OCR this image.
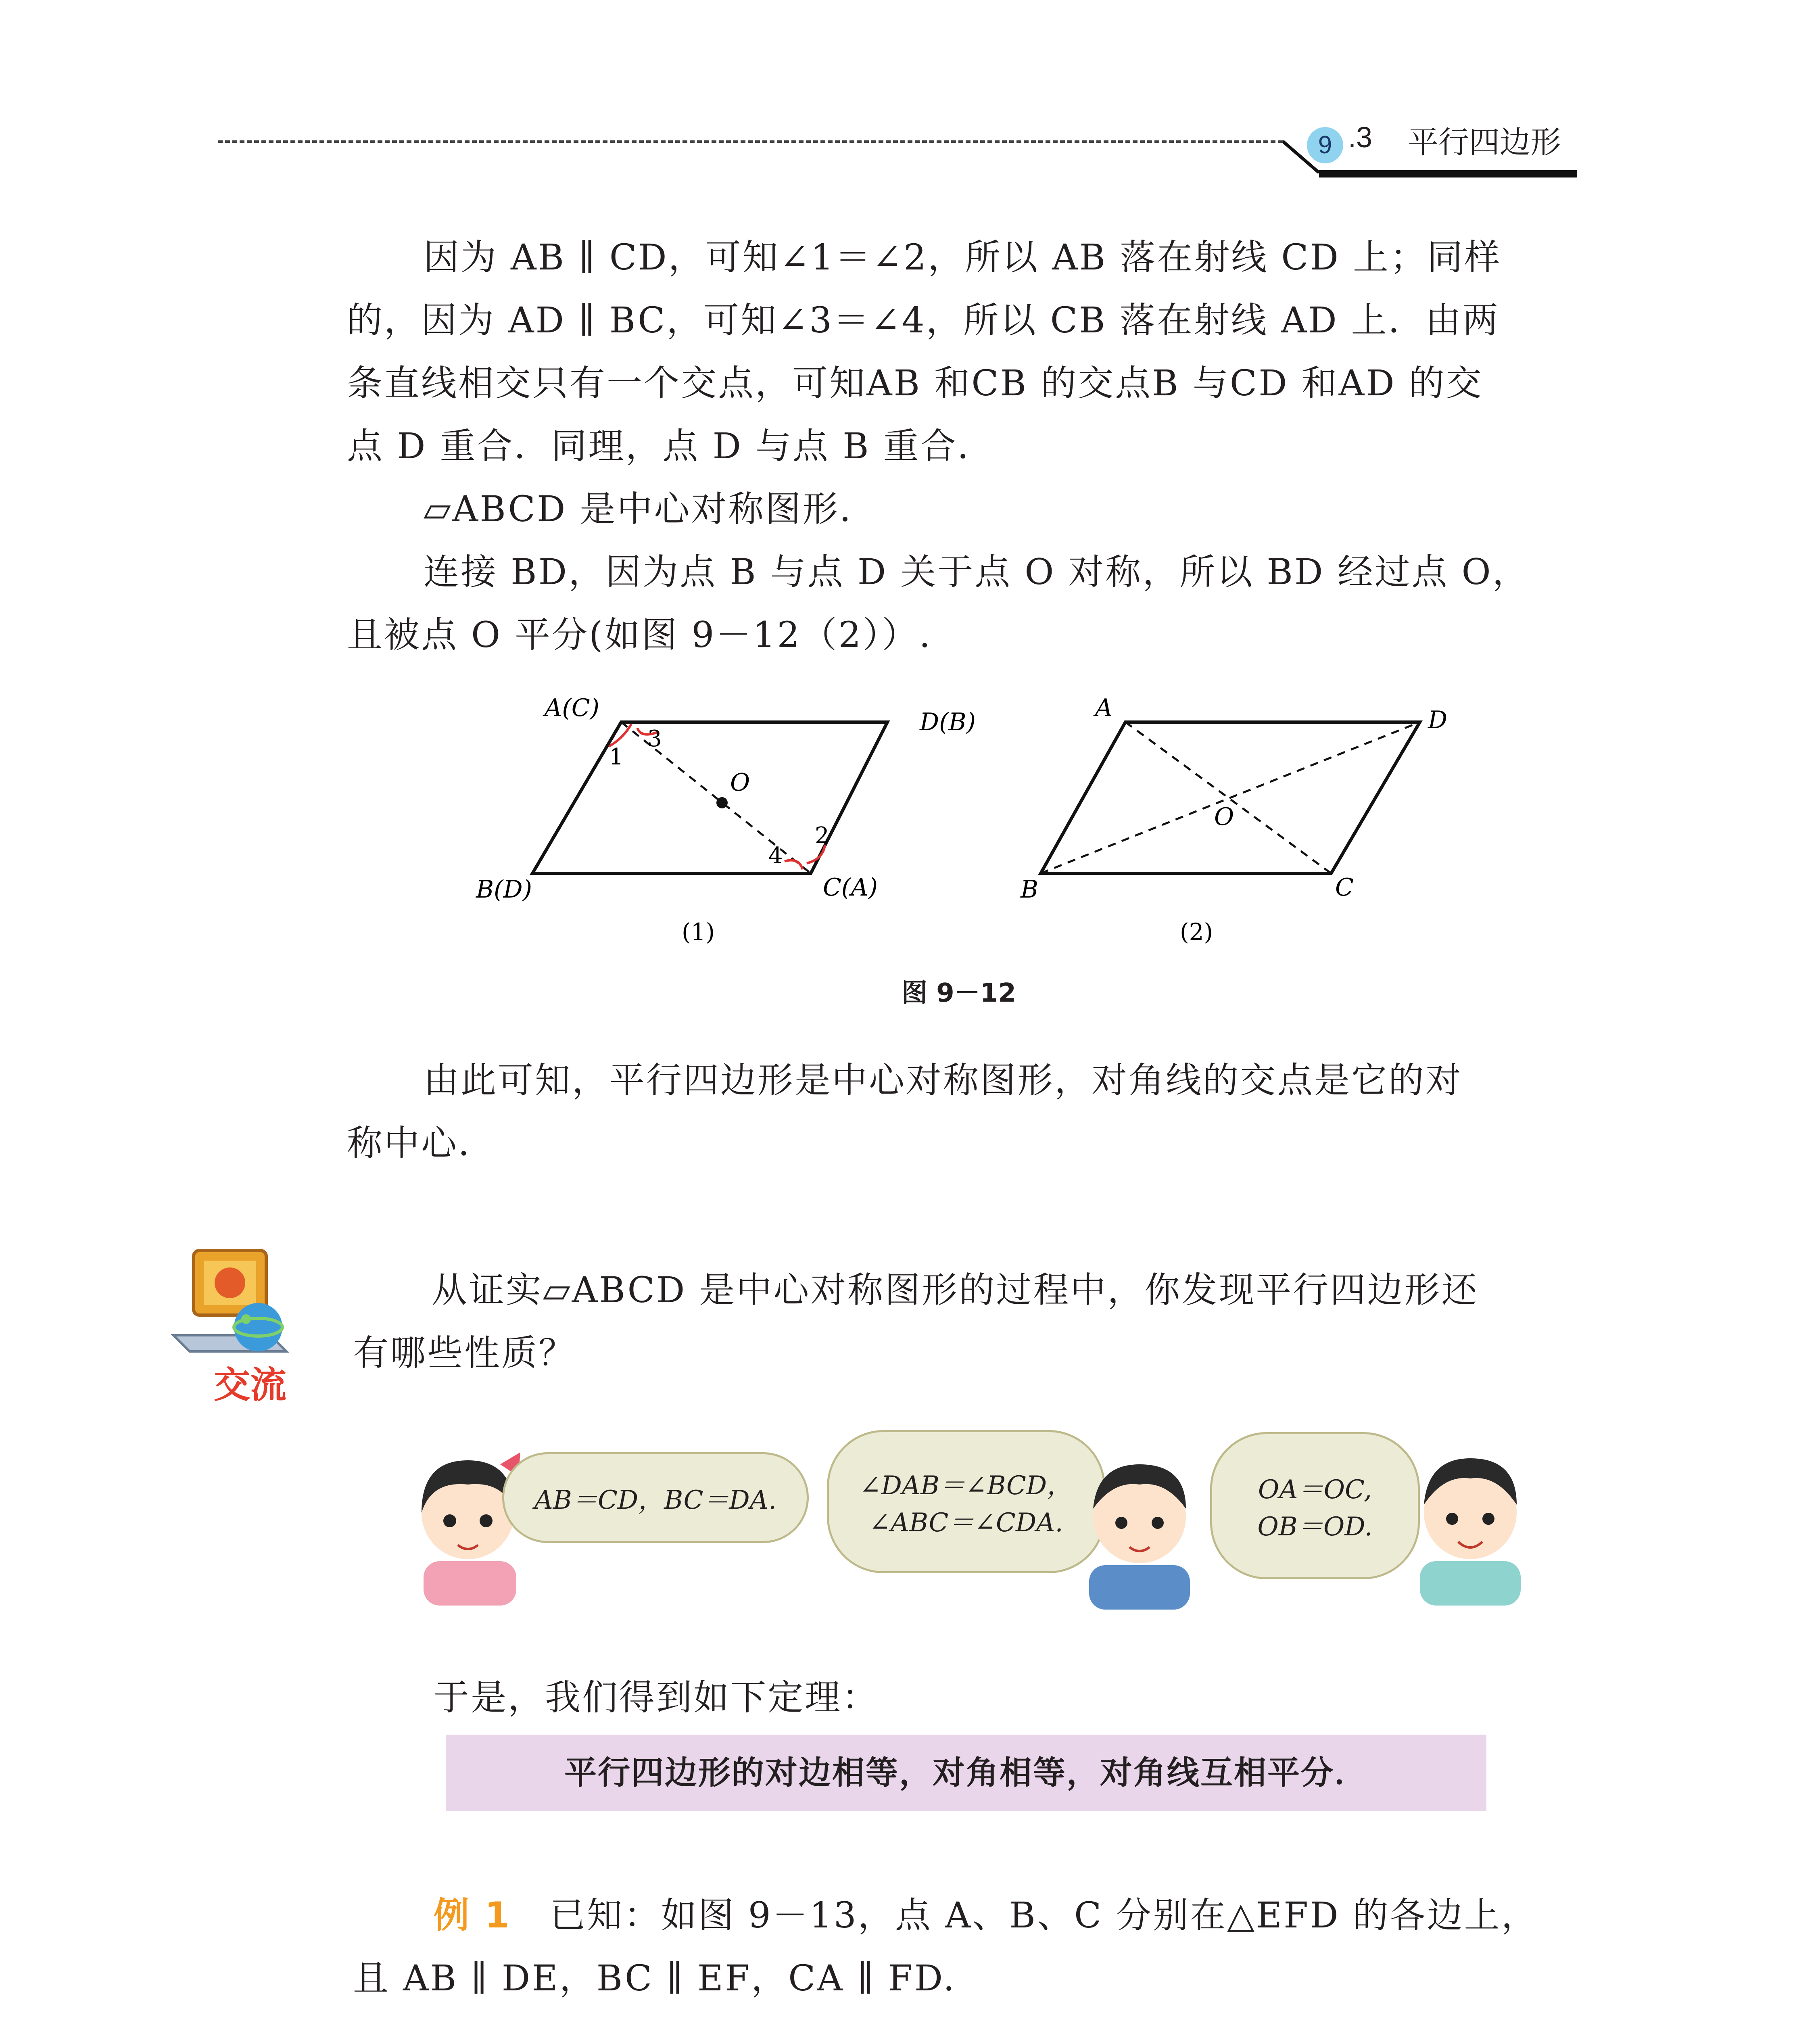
9 .3 平行四边形
因为 AB ∥ CD，可知∠1＝∠2，所以 AB 落在射线 CD 上；同样
的，因为 AD ∥ BC，可知∠3＝∠4，所以 CB 落在射线 AD 上．由两
条直线相交只有一个交点，可知AB 和CB 的交点B 与CD 和AD 的交
点 D 重合．同理，点 D 与点 B 重合．
▱ABCD 是中心对称图形．
连接 BD，因为点 B 与点 D 关于点 O 对称，所以 BD 经过点 O，
且被点 O 平分(如图 9－12（2））.
A(C)	D(B)
B(D)	C(A)
O
1
3
2
4
(1)
A	D
B	C
O
(2)
图 9－12
由此可知，平行四边形是中心对称图形，对角线的交点是它的对
称中心．
交流
从证实▱ABCD 是中心对称图形的过程中，你发现平行四边形还
有哪些性质？
AB＝CD，BC＝DA.	∠DAB＝∠BCD，
∠ABC＝∠CDA.
OA＝OC,
OB＝OD.
于是，我们得到如下定理：
平行四边形的对边相等，对角相等，对角线互相平分．
例 1 已知：如图 9－13，点 A、B、C 分别在△EFD 的各边上，
且 AB ∥ DE，BC ∥ EF，CA ∥ FD.
